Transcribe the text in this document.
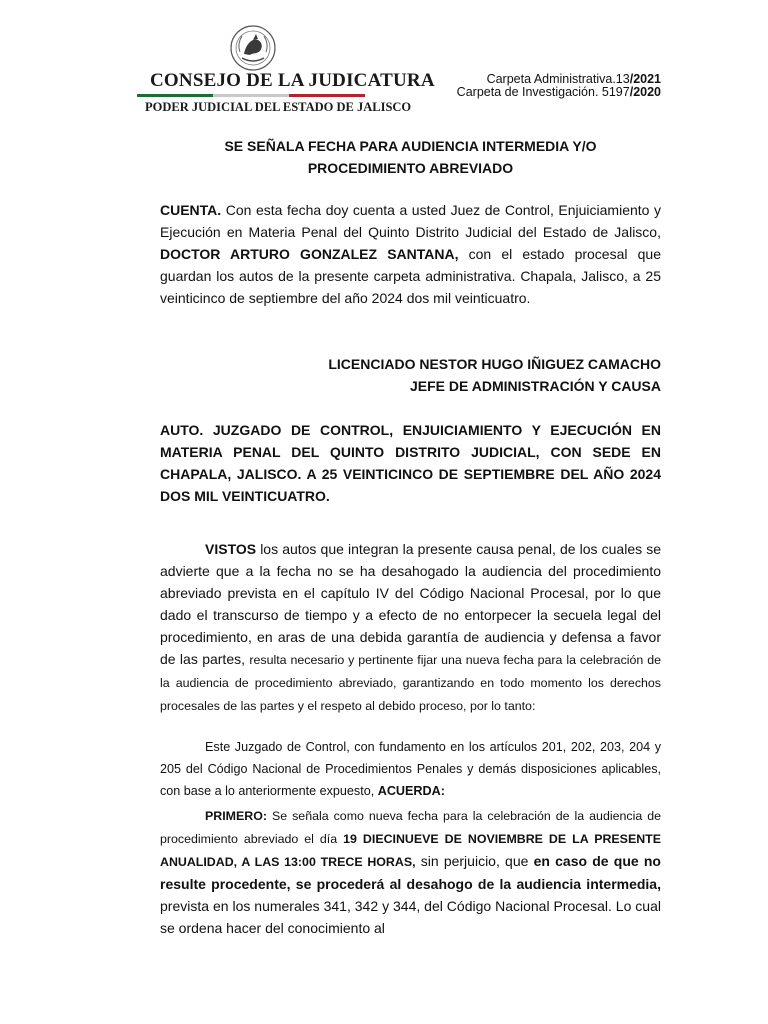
CONSEJO DE LA JUDICATURA
PODER JUDICIAL DEL ESTADO DE JALISCO
Carpeta Administrativa.13/2021
Carpeta de Investigación. 5197/2020
SE SEÑALA FECHA PARA AUDIENCIA INTERMEDIA Y/O
PROCEDIMIENTO ABREVIADO
CUENTA. Con esta fecha doy cuenta a usted Juez de Control, Enjuiciamiento y Ejecución en Materia Penal del Quinto Distrito Judicial del Estado de Jalisco, DOCTOR ARTURO GONZALEZ SANTANA, con el estado procesal que guardan los autos de la presente carpeta administrativa. Chapala, Jalisco, a 25 veinticinco de septiembre del año 2024 dos mil veinticuatro.
LICENCIADO NESTOR HUGO IÑIGUEZ CAMACHO
JEFE DE ADMINISTRACIÓN Y CAUSA
AUTO. JUZGADO DE CONTROL, ENJUICIAMIENTO Y EJECUCIÓN EN MATERIA PENAL DEL QUINTO DISTRITO JUDICIAL, CON SEDE EN CHAPALA, JALISCO. A 25 VEINTICINCO DE SEPTIEMBRE DEL AÑO 2024 DOS MIL VEINTICUATRO.
VISTOS los autos que integran la presente causa penal, de los cuales se advierte que a la fecha no se ha desahogado la audiencia del procedimiento abreviado prevista en el capítulo IV del Código Nacional Procesal, por lo que dado el transcurso de tiempo y a efecto de no entorpecer la secuela legal del procedimiento, en aras de una debida garantía de audiencia y defensa a favor de las partes, resulta necesario y pertinente fijar una nueva fecha para la celebración de la audiencia de procedimiento abreviado, garantizando en todo momento los derechos procesales de las partes y el respeto al debido proceso, por lo tanto:
Este Juzgado de Control, con fundamento en los artículos 201, 202, 203, 204 y 205 del Código Nacional de Procedimientos Penales y demás disposiciones aplicables, con base a lo anteriormente expuesto, ACUERDA:
PRIMERO: Se señala como nueva fecha para la celebración de la audiencia de procedimiento abreviado el día 19 DIECINUEVE DE NOVIEMBRE DE LA PRESENTE ANUALIDAD, A LAS 13:00 TRECE HORAS, sin perjuicio, que en caso de que no resulte procedente, se procederá al desahogo de la audiencia intermedia, prevista en los numerales 341, 342 y 344, del Código Nacional Procesal. Lo cual se ordena hacer del conocimiento al
